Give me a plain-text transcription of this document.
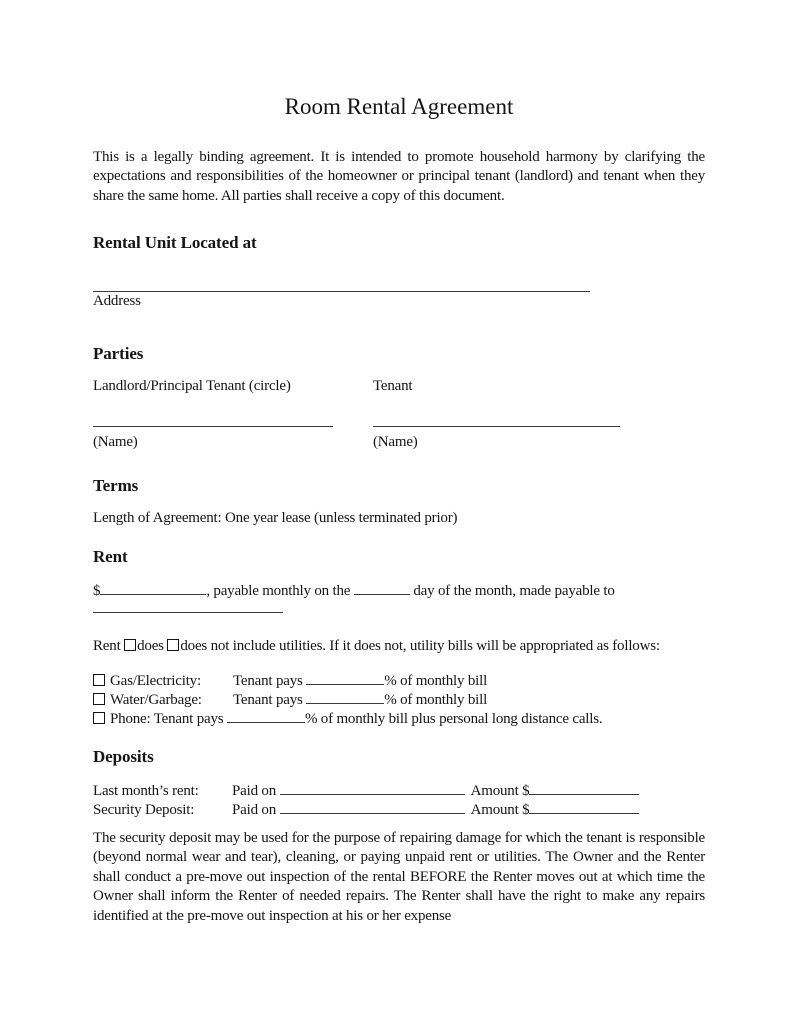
Room Rental Agreement

This is a legally binding agreement. It is intended to promote household harmony by clarifying the expectations and responsibilities of the homeowner or principal tenant (landlord) and tenant when they share the same home. All parties shall receive a copy of this document.

Rental Unit Located at
Address
Parties
Landlord/Principal Tenant (circle)	Tenant
(Name)	(Name)
Terms

Length of Agreement: One year lease (unless terminated prior)

Rent

$	, payable monthly on the	day of the month, made payable to

Rent does does not include utilities. If it does not, utility bills will be appropriated as follows:

Gas/Electricity: Tenant pays	% of monthly bill
Water/Garbage: Tenant pays	% of monthly bill
Phone: Tenant pays	% of monthly bill plus personal long distance calls.
Deposits
Last month’s rent: Paid on	Amount $
Security Deposit:	Paid on	Amount $

The security deposit may be used for the purpose of repairing damage for which the tenant is responsible (beyond normal wear and tear), cleaning, or paying unpaid rent or utilities. The Owner and the Renter shall conduct a pre-move out inspection of the rental BEFORE the Renter moves out at which time the Owner shall inform the Renter of needed repairs. The Renter shall have the right to make any repairs identified at the pre-move out inspection at his or her expense
